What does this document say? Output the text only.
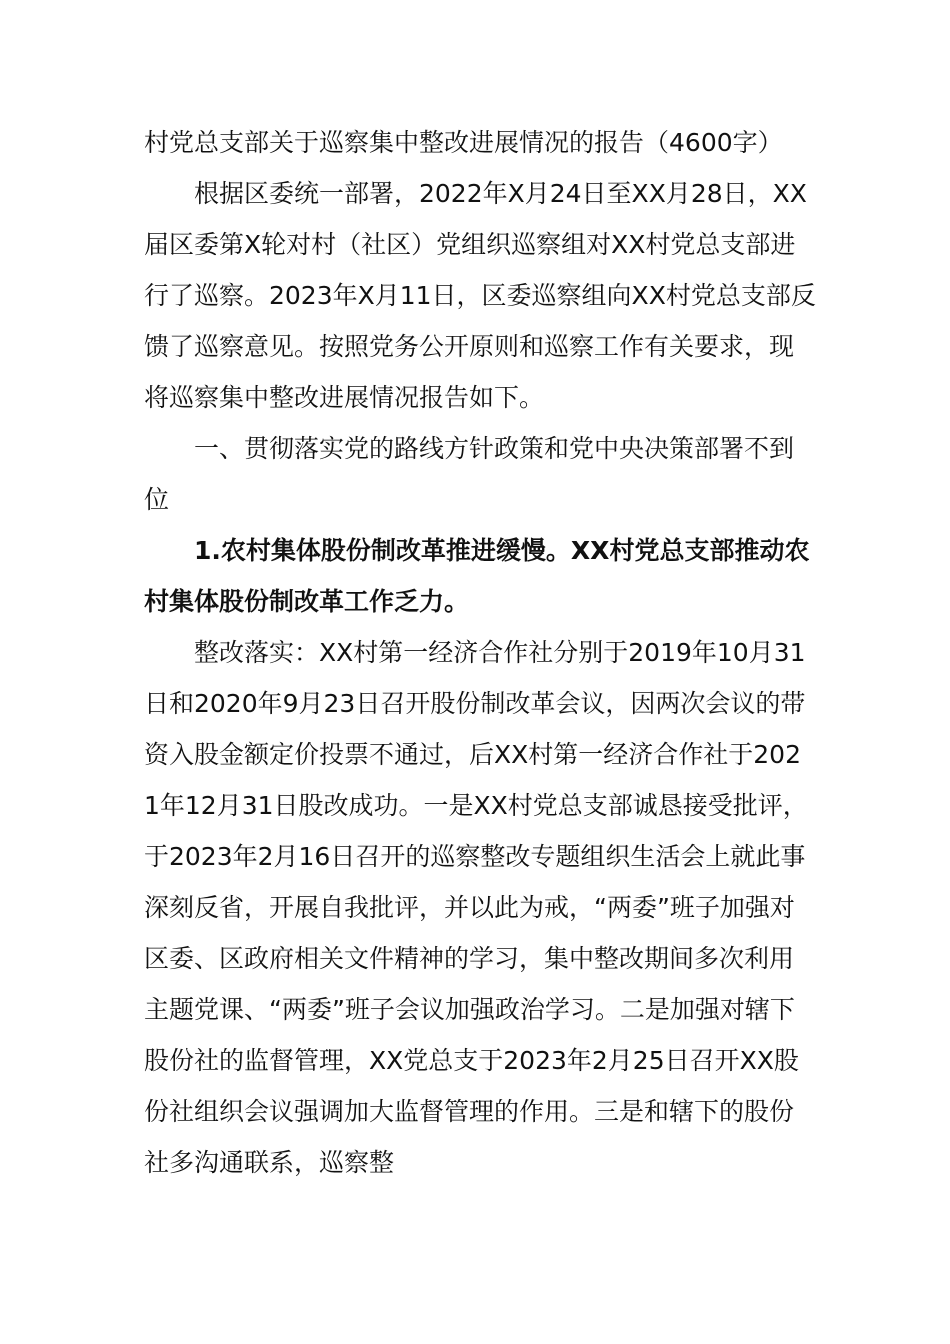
村党总支部关于巡察集中整改进展情况的报告（4600字）

根据区委统一部署，2022年X月24日至XX月28日，XX届区委第X轮对村（社区）党组织巡察组对XX村党总支部进行了巡察。2023年X月11日，区委巡察组向XX村党总支部反馈了巡察意见。按照党务公开原则和巡察工作有关要求，现将巡察集中整改进展情况报告如下。

一、贯彻落实党的路线方针政策和党中央决策部署不到位

1.农村集体股份制改革推进缓慢。XX村党总支部推动农村集体股份制改革工作乏力。

整改落实：XX村第一经济合作社分别于2019年10月31日和2020年9月23日召开股份制改革会议，因两次会议的带资入股金额定价投票不通过，后XX村第一经济合作社于2021年12月31日股改成功。一是XX村党总支部诚恳接受批评，于2023年2月16日召开的巡察整改专题组织生活会上就此事深刻反省，开展自我批评，并以此为戒，“两委”班子加强对区委、区政府相关文件精神的学习，集中整改期间多次利用主题党课、“两委”班子会议加强政治学习。二是加强对辖下股份社的监督管理，XX党总支于2023年2月25日召开XX股份社组织会议强调加大监督管理的作用。三是和辖下的股份社多沟通联系，巡察整
